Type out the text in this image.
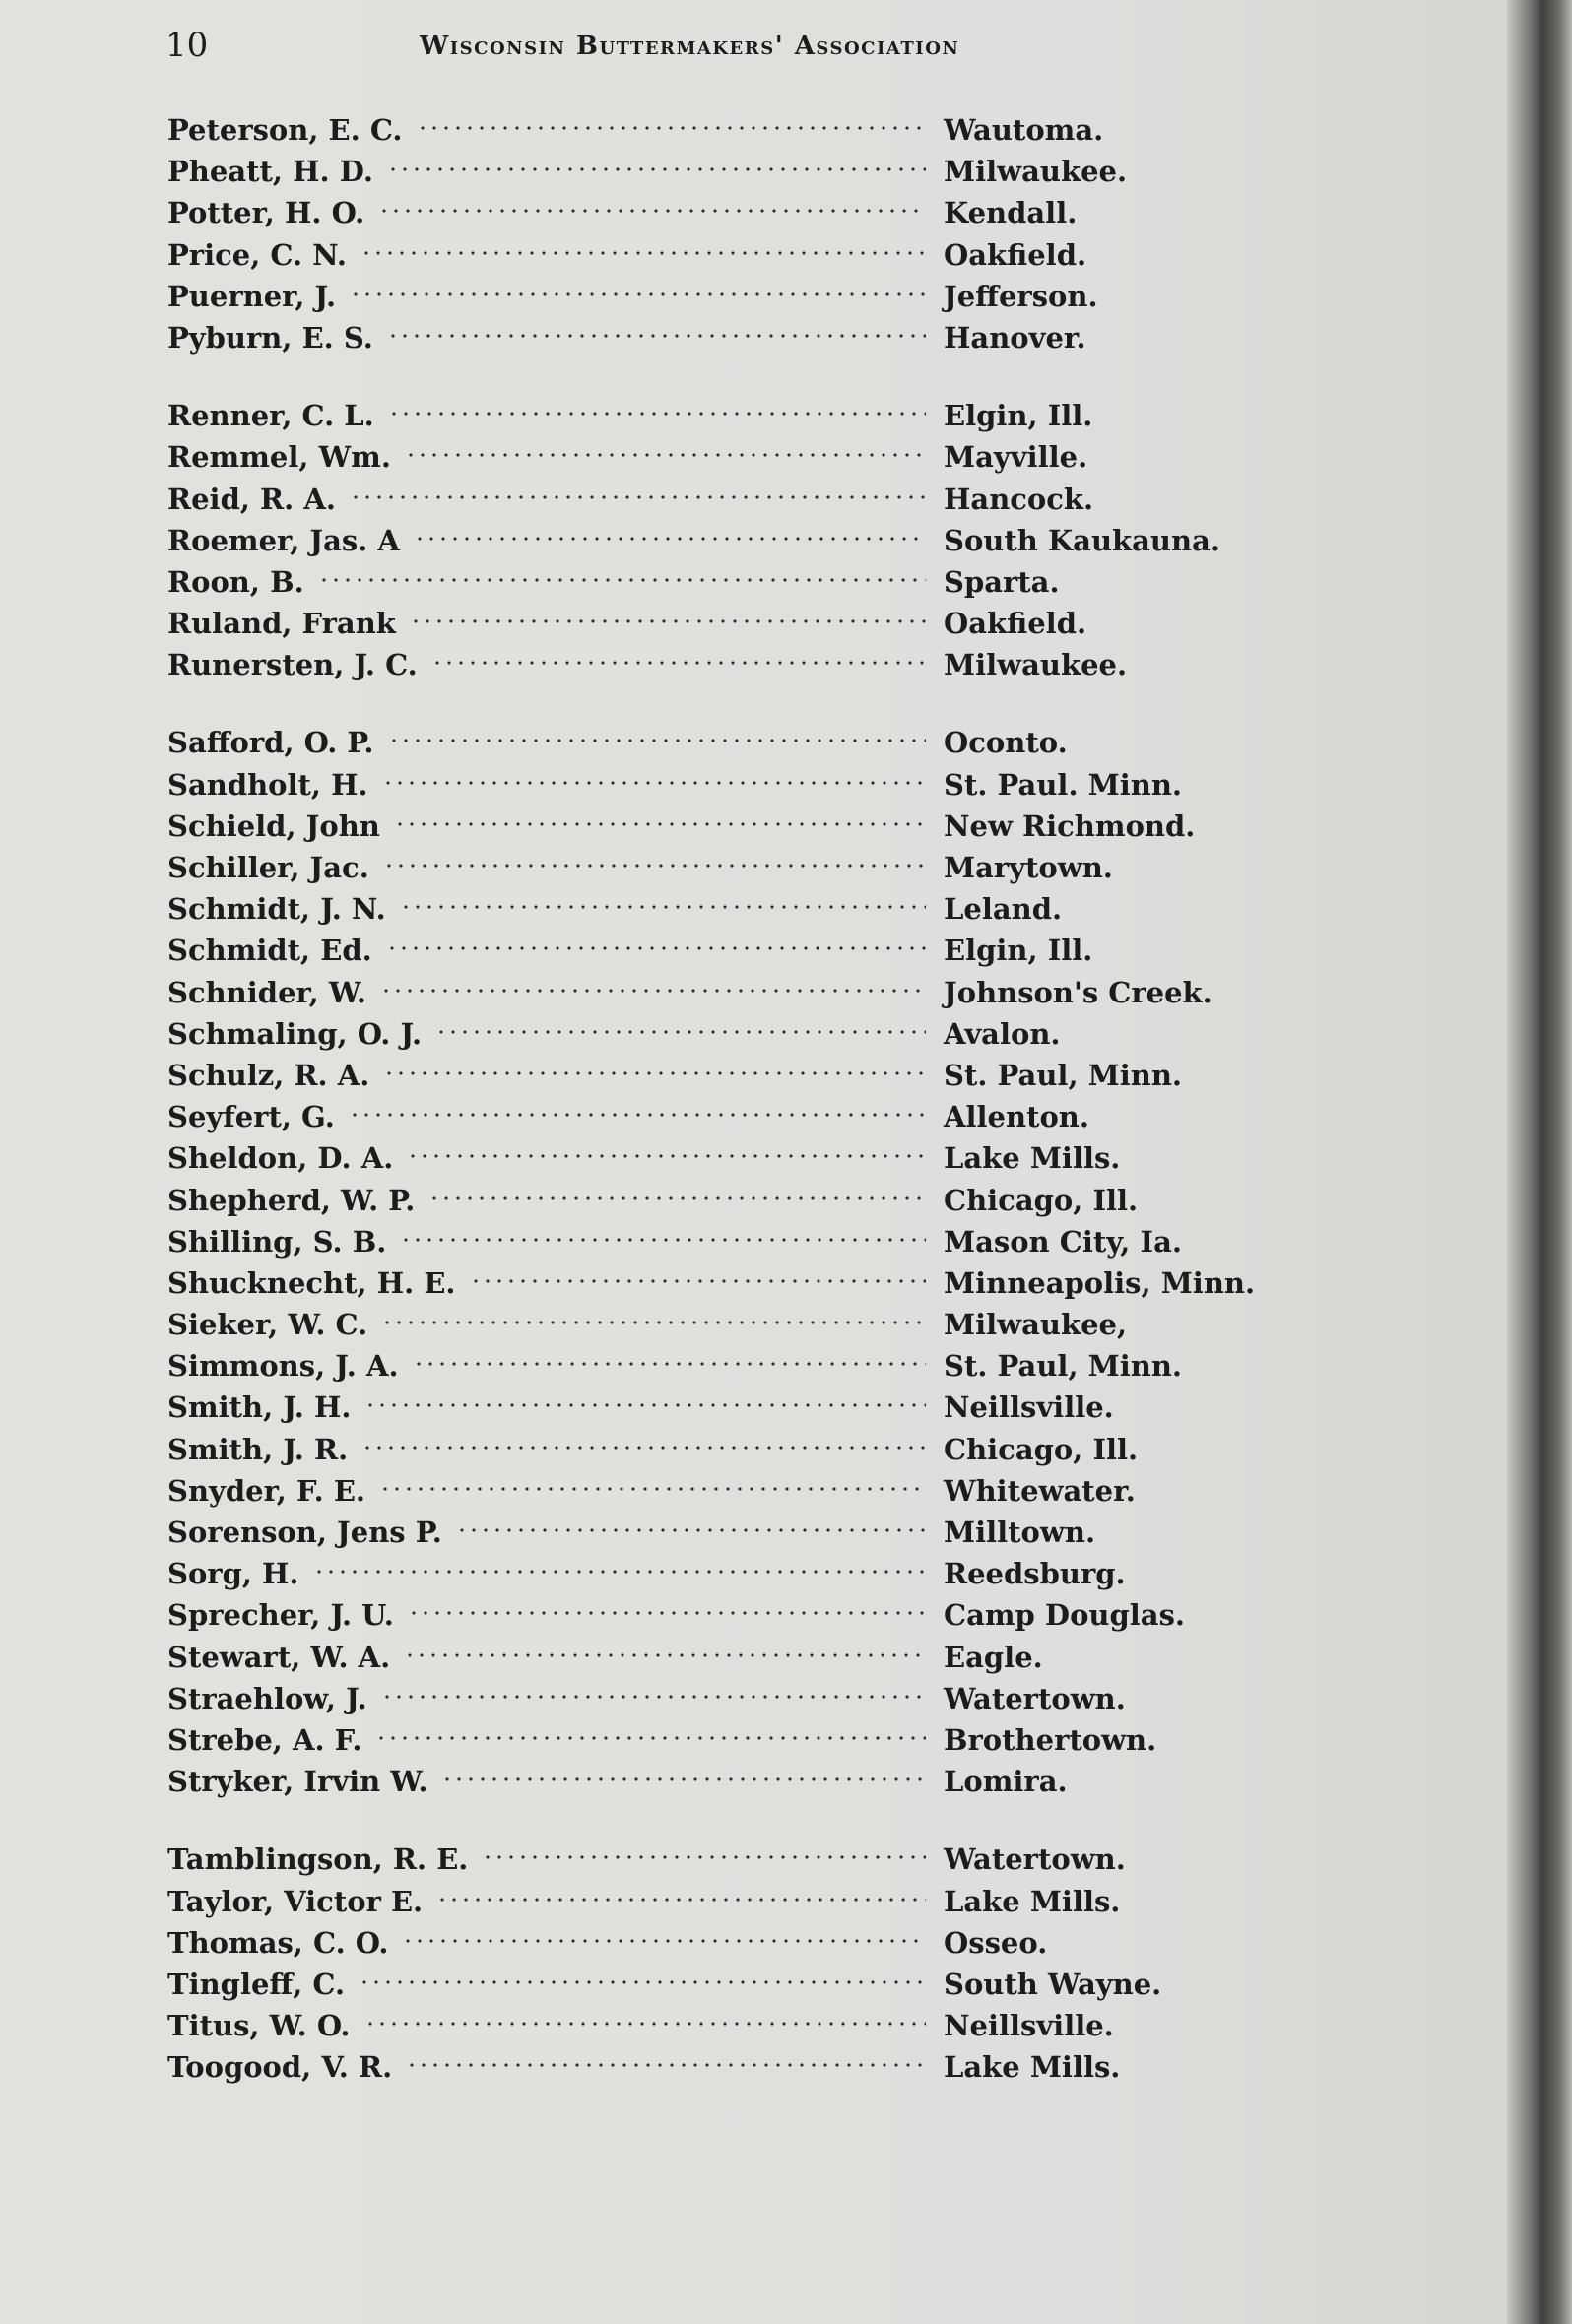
10	Wisconsin Buttermakers' Association
Peterson, E. C.	Wautoma.
Pheatt, H. D.	Milwaukee.
Potter, H. O.	Kendall.
Price, C. N.	Oakfield.
Puerner, J.	Jefferson.
Pyburn, E. S.	Hanover.
Renner, C. L.	Elgin, Ill.
Remmel, Wm.	Mayville.
Reid, R. A.	Hancock.
Roemer, Jas. A	South Kaukauna.
Roon, B.	Sparta.
Ruland, Frank	Oakfield.
Runersten, J. C.	Milwaukee.
Safford, O. P.	Oconto.
Sandholt, H.	St. Paul. Minn.
Schield, John	New Richmond.
Schiller, Jac.	Marytown.
Schmidt, J. N.	Leland.
Schmidt, Ed.	Elgin, Ill.
Schnider, W.	Johnson's Creek.
Schmaling, O. J.	Avalon.
Schulz, R. A.	St. Paul, Minn.
Seyfert, G.	Allenton.
Sheldon, D. A.	Lake Mills.
Shepherd, W. P.	Chicago, Ill.
Shilling, S. B.	Mason City, Ia.
Shucknecht, H. E.	Minneapolis, Minn.
Sieker, W. C.	Milwaukee,
Simmons, J. A.	St. Paul, Minn.
Smith, J. H.	Neillsville.
Smith, J. R.	Chicago, Ill.
Snyder, F. E.	Whitewater.
Sorenson, Jens P.	Milltown.
Sorg, H.	Reedsburg.
Sprecher, J. U.	Camp Douglas.
Stewart, W. A.	Eagle.
Straehlow, J.	Watertown.
Strebe, A. F.	Brothertown.
Stryker, Irvin W.	Lomira.
Tamblingson, R. E.	Watertown.
Taylor, Victor E.	Lake Mills.
Thomas, C. O.	Osseo.
Tingleff, C.	South Wayne.
Titus, W. O.	Neillsville.
Toogood, V. R.	Lake Mills.
